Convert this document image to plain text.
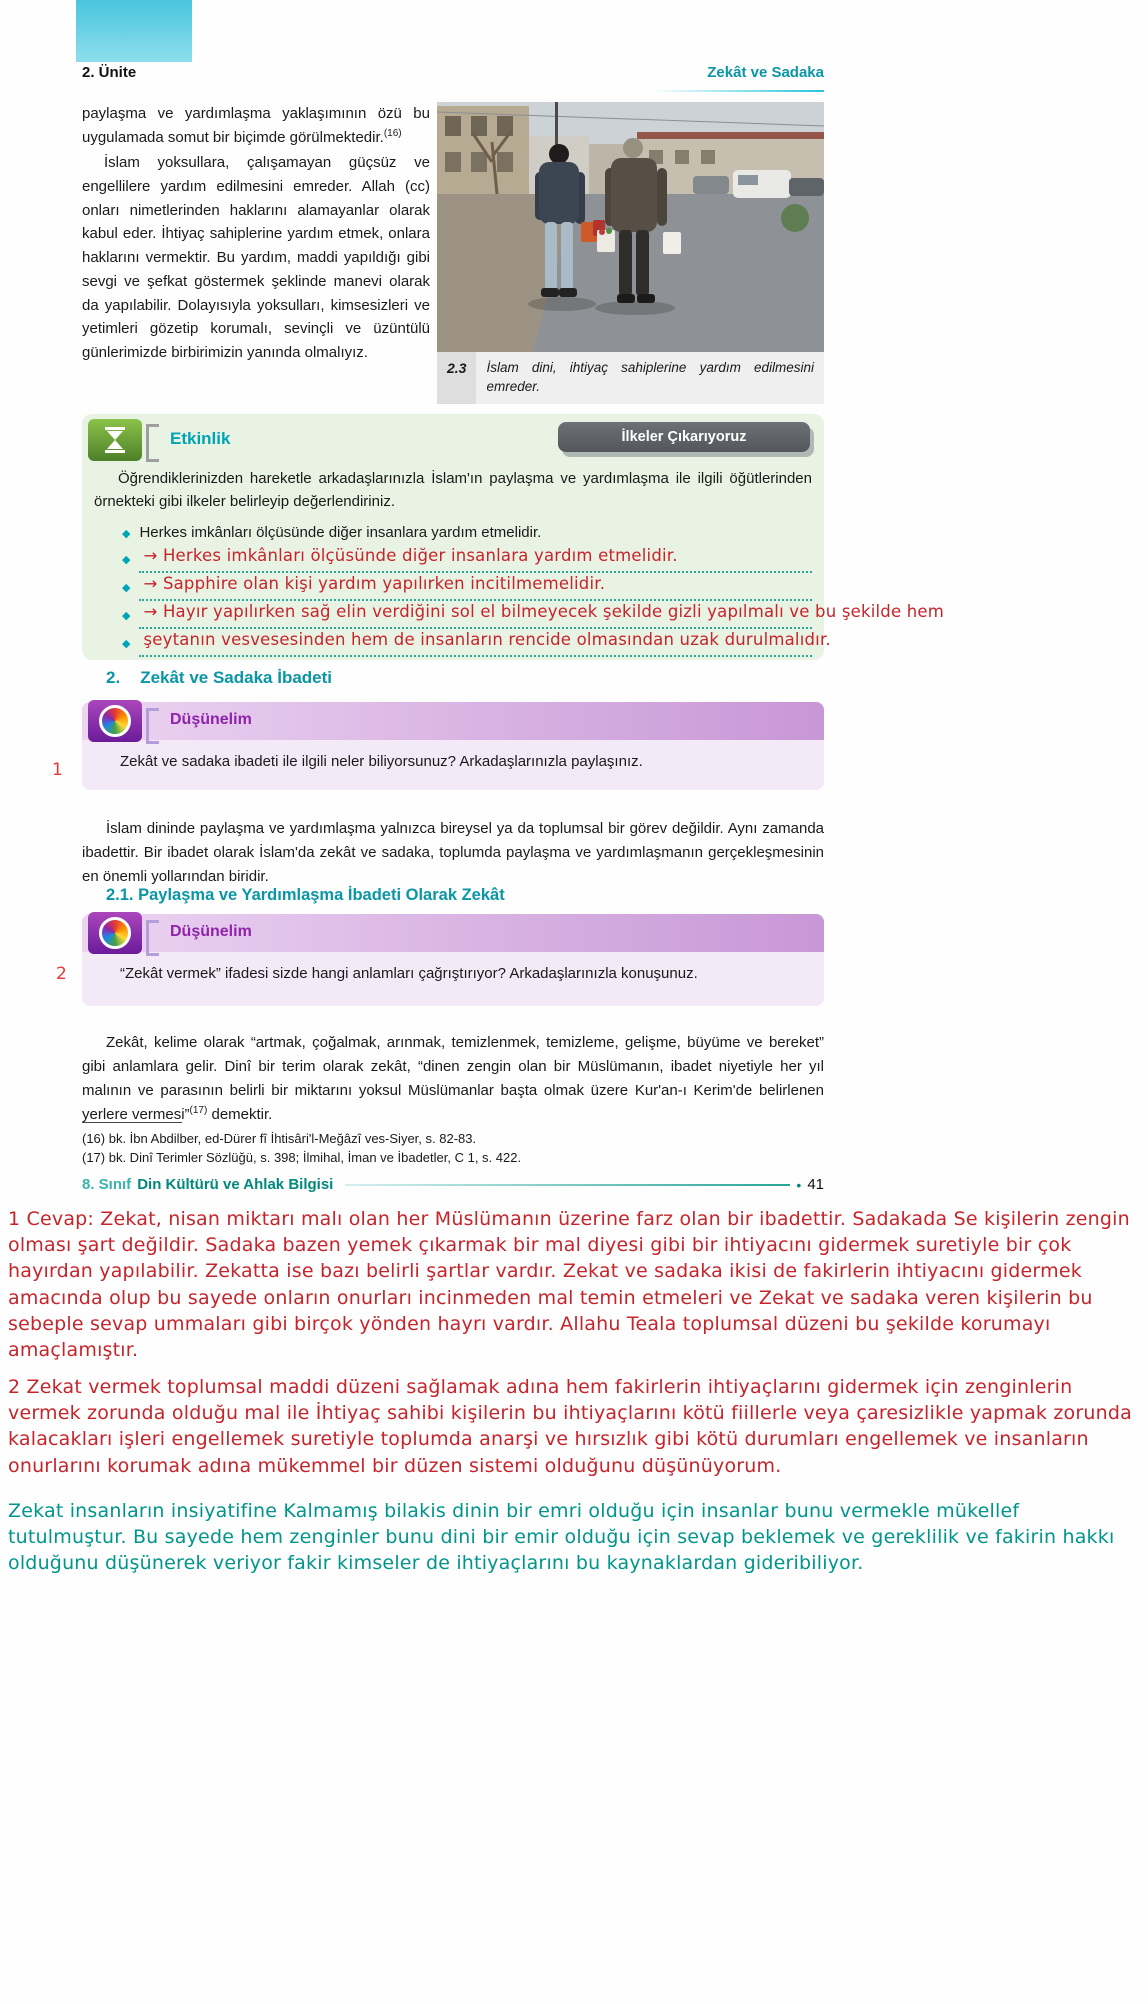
2. Ünite	Zekât ve Sadaka

paylaşma ve yardımlaşma yaklaşımının özü bu uygulamada somut bir biçimde görülmektedir.$^{(16)}$

İslam yoksullara, çalışamayan güçsüz ve engellilere yardım edilmesini emreder. Allah (cc) onları nimetlerinden haklarını alamayanlar olarak kabul eder. İhtiyaç sahiplerine yardım etmek, onlara haklarını vermektir. Bu yardım, maddi yapıldığı gibi sevgi ve şefkat göstermek şeklinde manevi olarak da yapılabilir. Dolayısıyla yoksulları, kimsesizleri ve yetimleri gözetip korumalı, sevinçli ve üzüntülü günlerimizde birbirimizin yanında olmalıyız.

2.3	İslam dini, ihtiyaç sahiplerine yardım edilmesini emreder.
Etkinlik	İlkeler Çıkarıyoruz

Öğrendiklerinizden hareketle arkadaşlarınızla İslam'ın paylaşma ve yardımlaşma ile ilgili öğütlerinden örnekteki gibi ilkeler belirleyip değerlendiriniz.

◆ Herkes imkânları ölçüsünde diğer insanlara yardım etmelidir.
◆ → Herkes imkânları ölçüsünde diğer insanlara yardım etmelidir.
◆ → Sapphire olan kişi yardım yapılırken incitilmemelidir.
◆ → Hayır yapılırken sağ elin verdiğini sol el bilmeyecek şekilde gizli yapılmalı ve bu şekilde hem
◆ şeytanın vesvesesinden hem de insanların rencide olmasından uzak durulmalıdır.
2. Zekât ve Sadaka İbadeti
Düşünelim
Zekât ve sadaka ibadeti ile ilgili neler biliyorsunuz? Arkadaşlarınızla paylaşınız.
1

İslam dininde paylaşma ve yardımlaşma yalnızca bireysel ya da toplumsal bir görev değildir. Aynı zamanda ibadettir. Bir ibadet olarak İslam'da zekât ve sadaka, toplumda paylaşma ve yardımlaşmanın gerçekleşmesinin en önemli yollarından biridir.

2.1. Paylaşma ve Yardımlaşma İbadeti Olarak Zekât
Düşünelim
“Zekât vermek” ifadesi sizde hangi anlamları çağrıştırıyor? Arkadaşlarınızla konuşunuz.
2

Zekât, kelime olarak “artmak, çoğalmak, arınmak, temizlenmek, temizleme, gelişme, büyüme ve bereket” gibi anlamlara gelir. Dinî bir terim olarak zekât, “dinen zengin olan bir Müslümanın, ibadet niyetiyle her yıl malının ve parasının belirli bir miktarını yoksul Müslümanlar başta olmak üzere Kur'an-ı Kerim'de belirlenen yerlere vermesi”$^{(17)}$ demektir.

(16) bk. İbn Abdilber, ed-Dürer fî İhtisâri'l-Meğâzî ves-Siyer, s. 82-83.
(17) bk. Dinî Terimler Sözlüğü, s. 398; İlmihal, İman ve İbadetler, C 1, s. 422.
8. Sınıf Din Kültürü ve Ahlak Bilgisi	• 41
1 Cevap: Zekat, nisan miktarı malı olan her Müslümanın üzerine farz olan bir ibadettir. Sadakada Se kişilerin zengin olması şart değildir. Sadaka bazen yemek çıkarmak bir mal diyesi gibi bir ihtiyacını gidermek suretiyle bir çok hayırdan yapılabilir. Zekatta ise bazı belirli şartlar vardır. Zekat ve sadaka ikisi de fakirlerin ihtiyacını gidermek amacında olup bu sayede onların onurları incinmeden mal temin etmeleri ve Zekat ve sadaka veren kişilerin bu sebeple sevap ummaları gibi birçok yönden hayrı vardır. Allahu Teala toplumsal düzeni bu şekilde korumayı amaçlamıştır.
2 Zekat vermek toplumsal maddi düzeni sağlamak adına hem fakirlerin ihtiyaçlarını gidermek için zenginlerin vermek zorunda olduğu mal ile İhtiyaç sahibi kişilerin bu ihtiyaçlarını kötü fiillerle veya çaresizlikle yapmak zorunda kalacakları işleri engellemek suretiyle toplumda anarşi ve hırsızlık gibi kötü durumları engellemek ve insanların onurlarını korumak adına mükemmel bir düzen sistemi olduğunu düşünüyorum.
Zekat insanların insiyatifine Kalmamış bilakis dinin bir emri olduğu için insanlar bunu vermekle mükellef tutulmuştur. Bu sayede hem zenginler bunu dini bir emir olduğu için sevap beklemek ve gereklilik ve fakirin hakkı olduğunu düşünerek veriyor fakir kimseler de ihtiyaçlarını bu kaynaklardan gideribiliyor.
